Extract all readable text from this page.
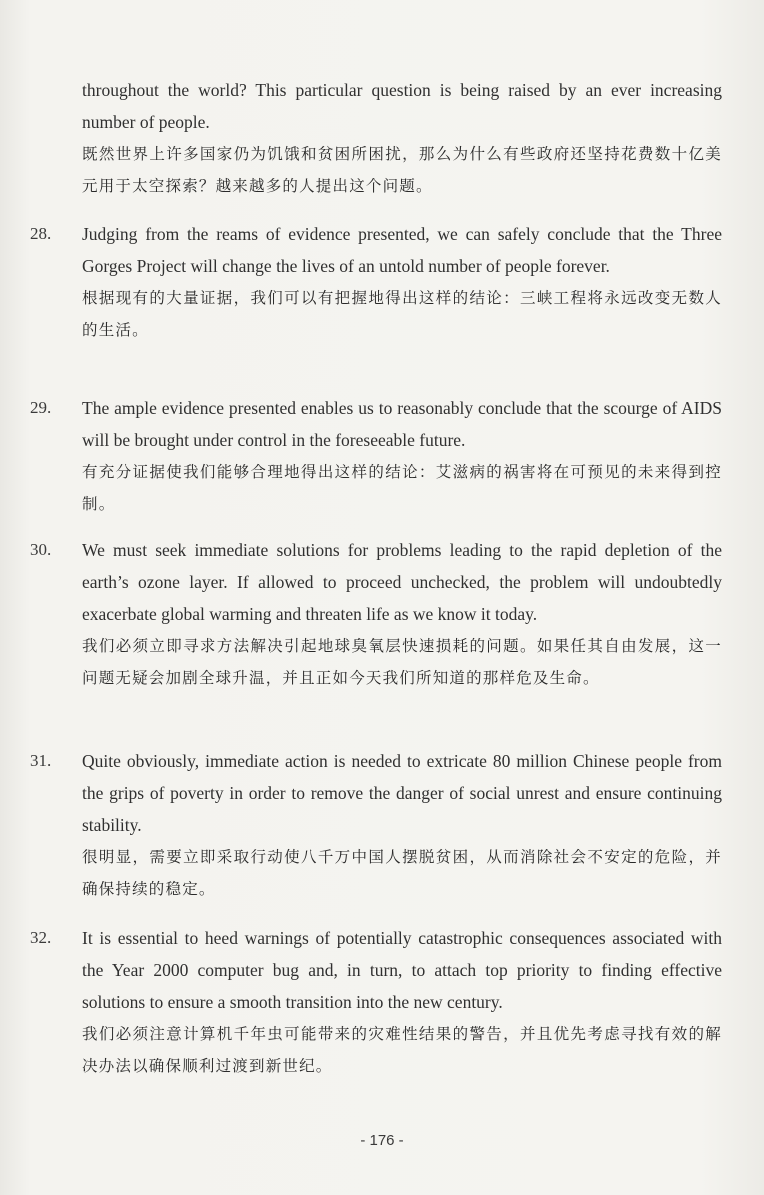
throughout the world? This particular question is being raised by an ever increasing number of people.

既然世界上许多国家仍为饥饿和贫困所困扰，那么为什么有些政府还坚持花费数十亿美元用于太空探索？越来越多的人提出这个问题。

28.	Judging from the reams of evidence presented, we can safely conclude that the Three Gorges Project will change the lives of an untold number of people forever.

根据现有的大量证据，我们可以有把握地得出这样的结论：三峡工程将永远改变无数人的生活。

29.	The ample evidence presented enables us to reasonably conclude that the scourge of AIDS will be brought under control in the foreseeable future.

有充分证据使我们能够合理地得出这样的结论：艾滋病的祸害将在可预见的未来得到控制。

30.	We must seek immediate solutions for problems leading to the rapid depletion of the earth’s ozone layer. If allowed to proceed unchecked, the problem will undoubtedly exacerbate global warming and threaten life as we know it today.

我们必须立即寻求方法解决引起地球臭氧层快速损耗的问题。如果任其自由发展，这一问题无疑会加剧全球升温，并且正如今天我们所知道的那样危及生命。

31.	Quite obviously, immediate action is needed to extricate 80 million Chinese people from the grips of poverty in order to remove the danger of social unrest and ensure continuing stability.

很明显，需要立即采取行动使八千万中国人摆脱贫困，从而消除社会不安定的危险，并确保持续的稳定。

32.	It is essential to heed warnings of potentially catastrophic consequences associated with the Year 2000 computer bug and, in turn, to attach top priority to finding effective solutions to ensure a smooth transition into the new century.

我们必须注意计算机千年虫可能带来的灾难性结果的警告，并且优先考虑寻找有效的解决办法以确保顺利过渡到新世纪。

- 176 -
